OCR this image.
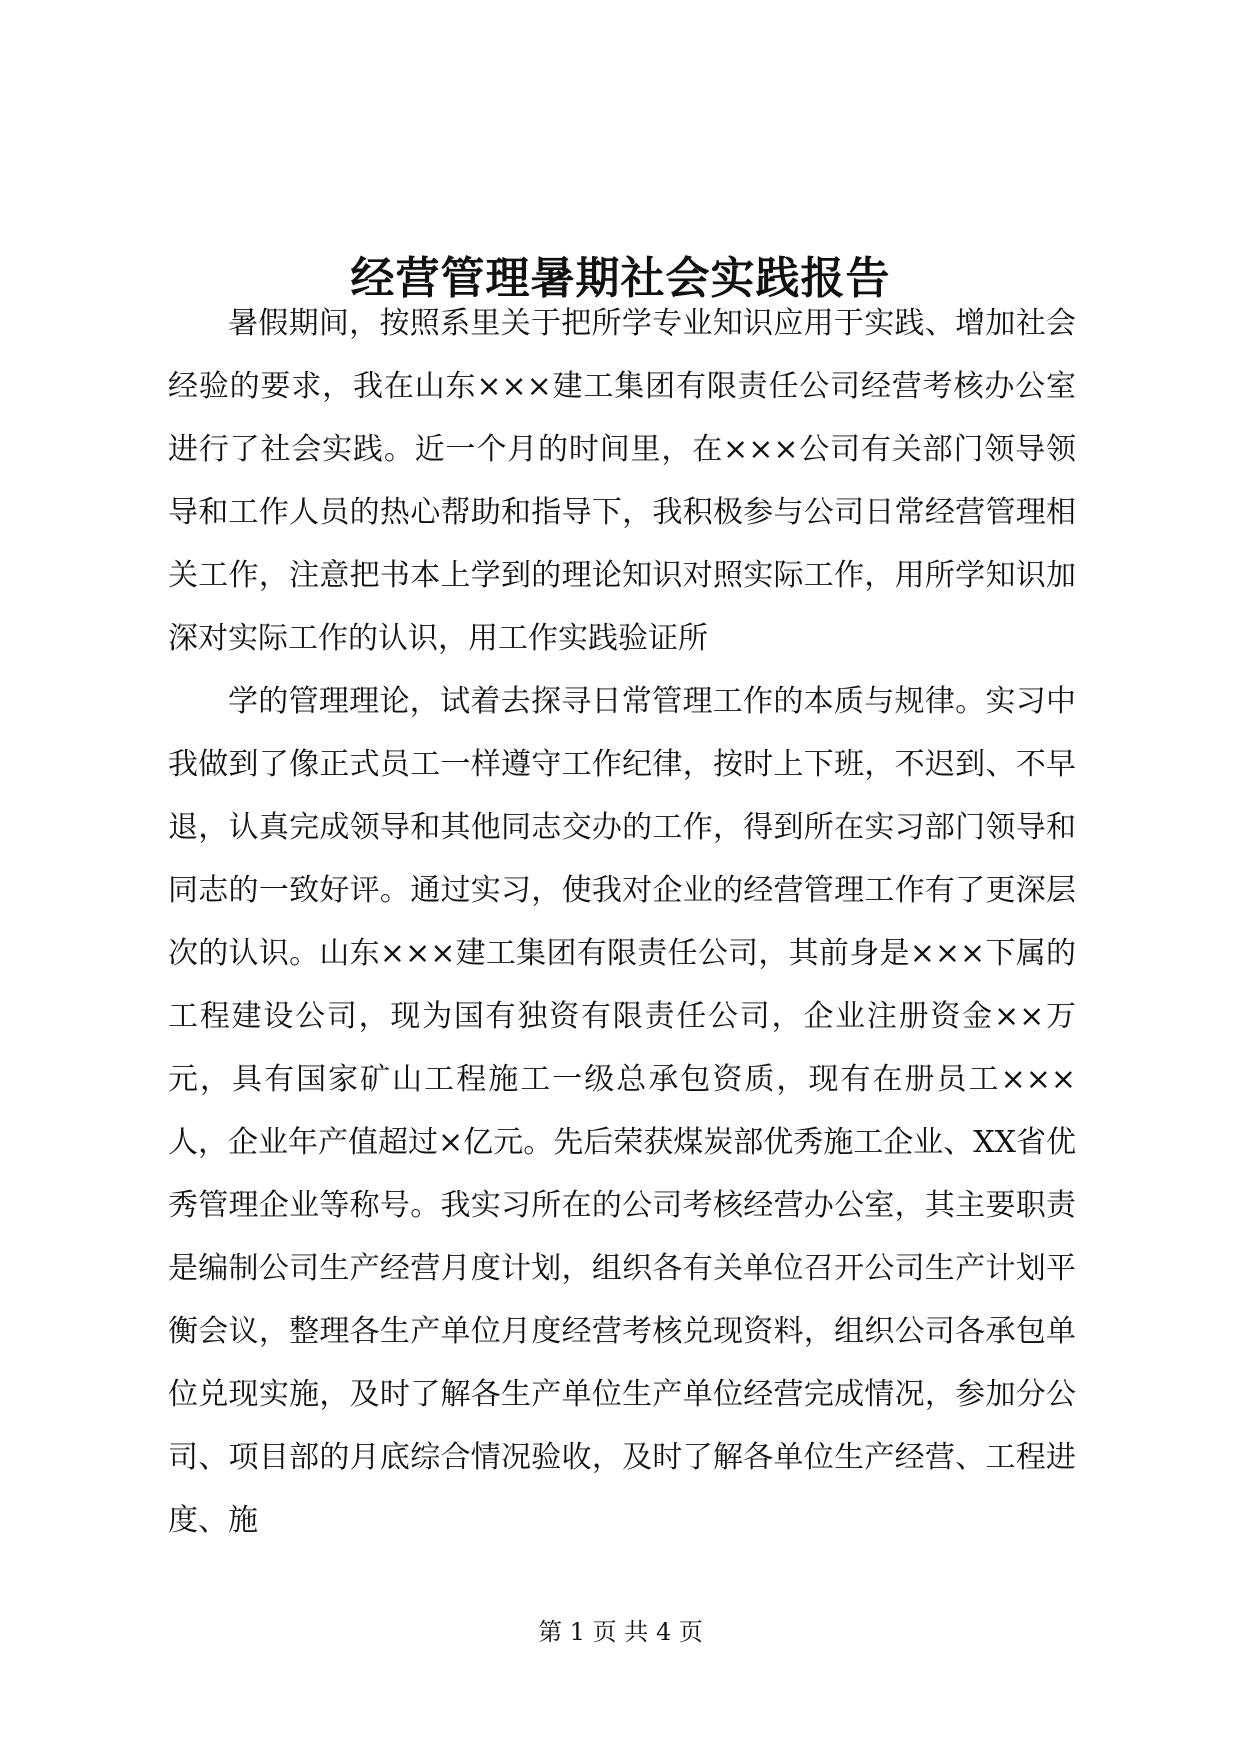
经营管理暑期社会实践报告

暑假期间，按照系里关于把所学专业知识应用于实践、增加社会经验的要求，我在山东×××建工集团有限责任公司经营考核办公室进行了社会实践。近一个月的时间里，在×××公司有关部门领导领导和工作人员的热心帮助和指导下，我积极参与公司日常经营管理相关工作，注意把书本上学到的理论知识对照实际工作，用所学知识加深对实际工作的认识，用工作实践验证所

学的管理理论，试着去探寻日常管理工作的本质与规律。实习中我做到了像正式员工一样遵守工作纪律，按时上下班，不迟到、不早退，认真完成领导和其他同志交办的工作，得到所在实习部门领导和同志的一致好评。通过实习，使我对企业的经营管理工作有了更深层次的认识。山东×××建工集团有限责任公司，其前身是×××下属的工程建设公司，现为国有独资有限责任公司，企业注册资金××万元，具有国家矿山工程施工一级总承包资质，现有在册员工×××人，企业年产值超过×亿元。先后荣获煤炭部优秀施工企业、XX省优秀管理企业等称号。我实习所在的公司考核经营办公室，其主要职责是编制公司生产经营月度计划，组织各有关单位召开公司生产计划平衡会议，整理各生产单位月度经营考核兑现资料，组织公司各承包单位兑现实施，及时了解各生产单位生产单位经营完成情况，参加分公司、项目部的月底综合情况验收，及时了解各单位生产经营、工程进度、施

第 1 页 共 4 页
